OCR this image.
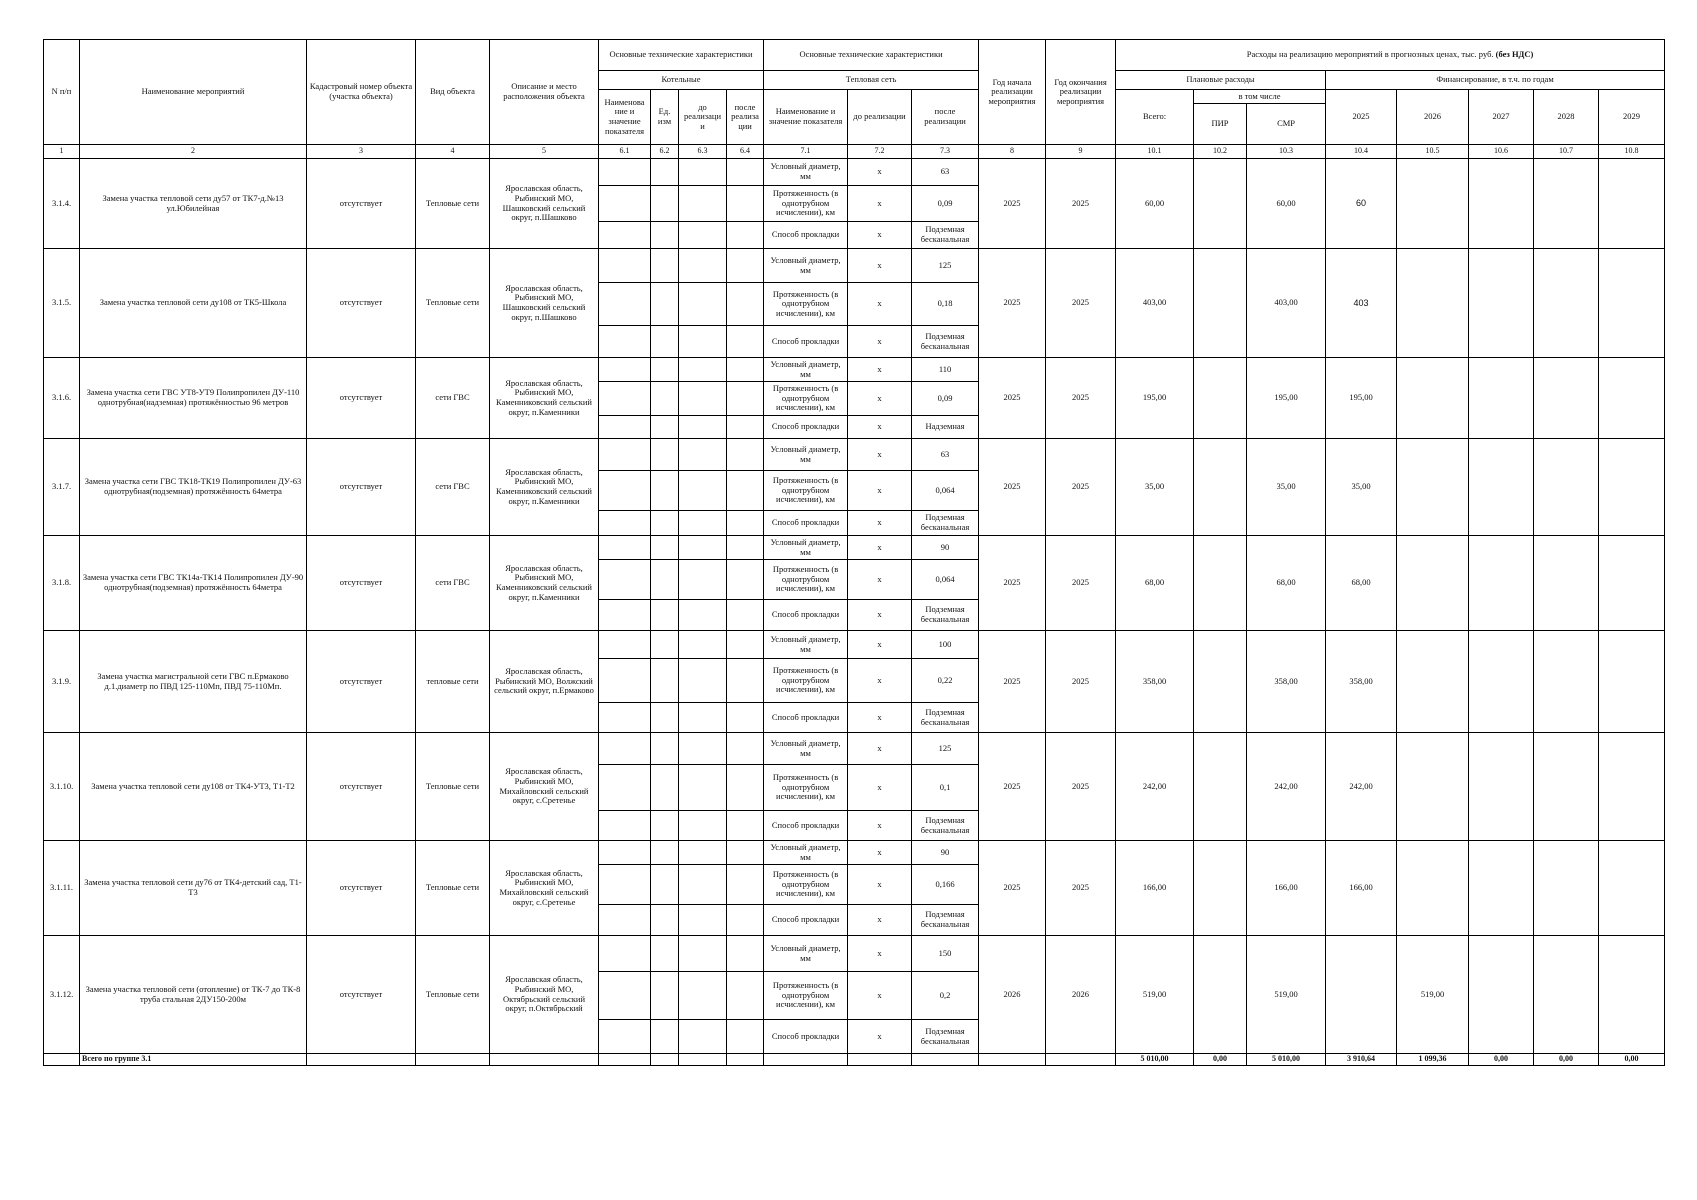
N п/п	Наименование мероприятий	Кадастровый номер объекта (участка объекта)	Вид объекта	Описание и место расположения объекта	Основные технические характеристики				Основные технические характеристики			Год начала реализации мероприятия	Год окончания реализации мероприятия	Расходы на реализацию мероприятий в прогнозных ценах, тыс. руб. (без НДС)							
					Котельные				Тепловая сеть					Плановые расходы			Финансирование, в т.ч. по годам				
					Наименова ние и значение показателя	Ед. изм	до реализаци и	после реализа ции	Наименование и значение показателя	до реализации	после реализации			Всего:	в том числе		2025	2026	2027	2028	2029
															ПИР	СМР					
1	2	3	4	5	6.1	6.2	6.3	6.4	7.1	7.2	7.3	8	9	10.1	10.2	10.3	10.4	10.5	10.6	10.7	10.8
3.1.4.	Замена участка тепловой сети ду57 от ТК7-д.№13 ул.Юбилейная	отсутствует	Тепловые сети	Ярославская область, Рыбинский МО, Шашковский сельский округ, п.Шашково					Условный диаметр, мм	x	63	2025	2025	60,00		60,00	60				
									Протяженность (в однотрубном исчислении), км	x	0,09										
									Способ прокладки	x	Подземная бесканальная										
3.1.5.	Замена участка тепловой сети ду108 от ТК5-Школа	отсутствует	Тепловые сети	Ярославская область, Рыбинский МО, Шашковский сельский округ, п.Шашково					Условный диаметр, мм	x	125	2025	2025	403,00		403,00	403				
									Протяженность (в однотрубном исчислении), км	x	0,18										
									Способ прокладки	x	Подземная бесканальная										
3.1.6.	Замена участка сети ГВС УТ8-УТ9 Полипропилен ДУ-110 однотрубная(надземная) протяжённостью 96 метров	отсутствует	сети ГВС	Ярославская область, Рыбинский МО, Каменниковский сельский округ, п.Каменники					Условный диаметр, мм	x	110	2025	2025	195,00		195,00	195,00				
									Протяженность (в однотрубном исчислении), км	x	0,09										
									Способ прокладки	x	Надземная										
3.1.7.	Замена участка сети ГВС ТК18-ТК19 Полипропилен ДУ-63 однотрубная(подземная) протяжённость 64метра	отсутствует	сети ГВС	Ярославская область, Рыбинский МО, Каменниковский сельский округ, п.Каменники					Условный диаметр, мм	x	63	2025	2025	35,00		35,00	35,00				
									Протяженность (в однотрубном исчислении), км	x	0,064										
									Способ прокладки	x	Подземная бесканальная										
3.1.8.	Замена участка сети ГВС ТК14а-ТК14 Полипропилен ДУ-90 однотрубная(подземная) протяжённость 64метра	отсутствует	сети ГВС	Ярославская область, Рыбинский МО, Каменниковский сельский округ, п.Каменники					Условный диаметр, мм	x	90	2025	2025	68,00		68,00	68,00				
									Протяженность (в однотрубном исчислении), км	x	0,064										
									Способ прокладки	x	Подземная бесканальная										
3.1.9.	Замена участка магистральной сети ГВС п.Ермаково д.1.диаметр по ПВД 125-110Мп, ПВД 75-110Мп.	отсутствует	тепловые сети	Ярославская область, Рыбинский МО, Волжский сельский округ, п.Ермаково					Условный диаметр, мм	x	100	2025	2025	358,00		358,00	358,00				
									Протяженность (в однотрубном исчислении), км	x	0,22										
									Способ прокладки	x	Подземная бесканальная										
3.1.10.	Замена участка тепловой сети ду108 от ТК4-УТ3, Т1-Т2	отсутствует	Тепловые сети	Ярославская область, Рыбинский МО, Михайловский сельский округ, с.Сретенье					Условный диаметр, мм	x	125	2025	2025	242,00		242,00	242,00				
									Протяженность (в однотрубном исчислении), км	x	0,1										
									Способ прокладки	x	Подземная бесканальная										
3.1.11.	Замена участка тепловой сети ду76 от ТК4-детский сад, Т1-Т3	отсутствует	Тепловые сети	Ярославская область, Рыбинский МО, Михайловский сельский округ, с.Сретенье					Условный диаметр, мм	x	90	2025	2025	166,00		166,00	166,00				
									Протяженность (в однотрубном исчислении), км	x	0,166										
									Способ прокладки	x	Подземная бесканальная										
3.1.12.	Замена участка тепловой сети (отопление) от ТК-7 до ТК-8 труба стальная 2ДУ150-200м	отсутствует	Тепловые сети	Ярославская область, Рыбинский МО, Октябрьский сельский округ, п.Октябрьский					Условный диаметр, мм	x	150	2026	2026	519,00		519,00		519,00			
									Протяженность (в однотрубном исчислении), км	x	0,2										
									Способ прокладки	x	Подземная бесканальная										
	Всего по группе 3.1													5 010,00	0,00	5 010,00	3 910,64	1 099,36	0,00	0,00	0,00
